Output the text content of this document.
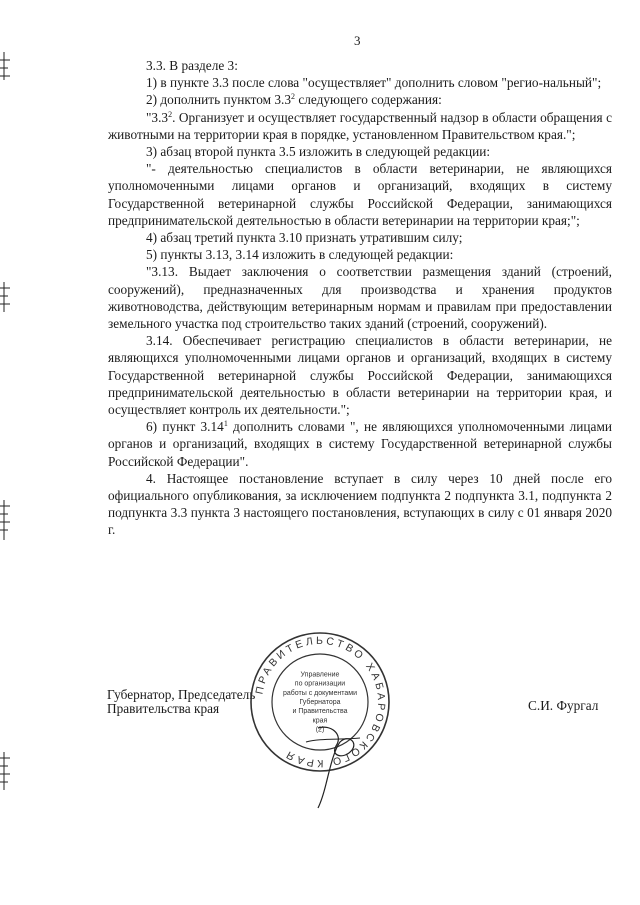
3

3.3. В разделе 3:

1) в пункте 3.3 после слова "осуществляет" дополнить словом "регио-нальный";

2) дополнить пунктом $3.3^2$ следующего содержания:

"$3.3^2$. Организует и осуществляет государственный надзор в области обращения с животными на территории края в порядке, установленном Правительством края.";

3) абзац второй пункта 3.5 изложить в следующей редакции:

"- деятельностью специалистов в области ветеринарии, не являющихся уполномоченными лицами органов и организаций, входящих в систему Государственной ветеринарной службы Российской Федерации, занимающихся предпринимательской деятельностью в области ветеринарии на территории края;";

4) абзац третий пункта 3.10 признать утратившим силу;

5) пункты 3.13, 3.14 изложить в следующей редакции:

"3.13. Выдает заключения о соответствии размещения зданий (строений, сооружений), предназначенных для производства и хранения продуктов животноводства, действующим ветеринарным нормам и правилам при предоставлении земельного участка под строительство таких зданий (строений, сооружений).

3.14. Обеспечивает регистрацию специалистов в области ветеринарии, не являющихся уполномоченными лицами органов и организаций, входящих в систему Государственной ветеринарной службы Российской Федерации, занимающихся предпринимательской деятельностью в области ветеринарии на территории края, и осуществляет контроль их деятельности.";

6) пункт 3.14$^1$ дополнить словами ", не являющихся уполномоченными лицами органов и организаций, входящих в систему Государственной ветеринарной службы Российской Федерации".

4. Настоящее постановление вступает в силу через 10 дней после его официального опубликования, за исключением подпункта 2 подпункта 3.1, подпункта 2 подпункта 3.3 пункта 3 настоящего постановления, вступающих в силу с 01 января 2020 г.

Губернатор, Председатель
Правительства края	С.И. Фургал
ПРАВИТЕЛЬСТВО ХАБАРОВСКОГО КРАЯ
Управление
по организации
работы с документами
Губернатора
и Правительства
края
(2)
